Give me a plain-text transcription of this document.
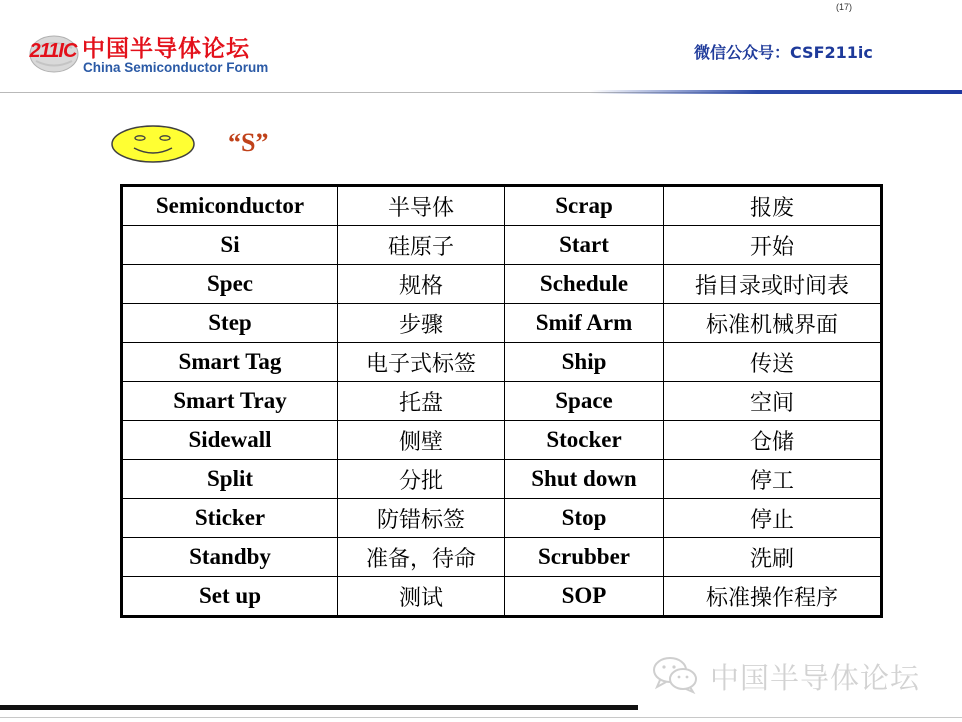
(17)
211IC 中国半导体论坛
China Semiconductor Forum
微信公众号：CSF211ic
“S”
Semiconductor	半导体	Scrap	报废
Si	硅原子	Start	开始
Spec	规格	Schedule	指目录或时间表
Step	步骤	Smif Arm	标准机械界面
Smart Tag	电子式标签	Ship	传送
Smart Tray	托盘	Space	空间
Sidewall	侧壁	Stocker	仓储
Split	分批	Shut down	停工
Sticker	防错标签	Stop	停止
Standby	准备，待命	Scrubber	洗刷
Set up	测试	SOP	标准操作程序
中国半导体论坛
